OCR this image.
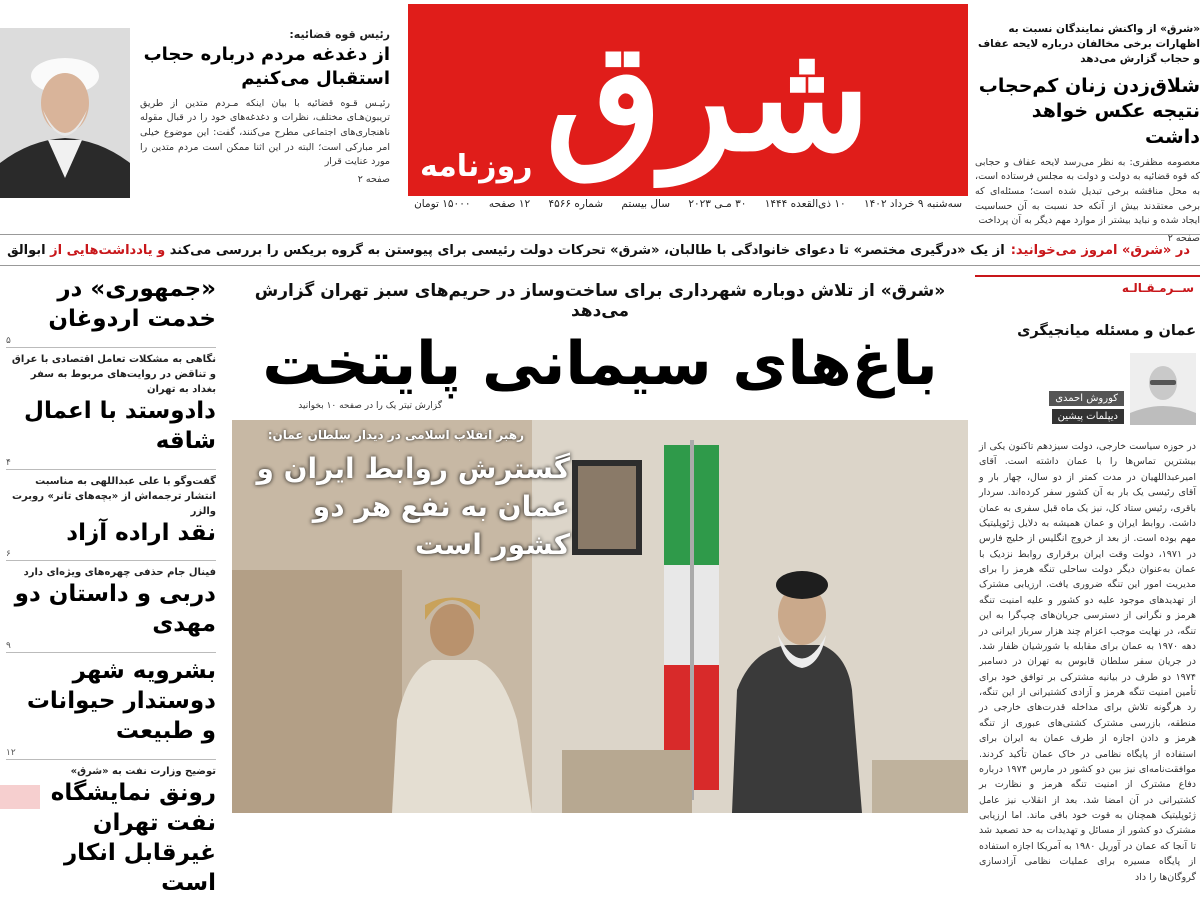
رئیس قوه قضائیه:
از دغدغه مردم درباره حجاب استقبال می‌کنیم
رئیـس قـوه قضائیه با بیان اینکه مـردم متدین از طریق تریبون‌هـای مختلف، نظرات و دغدغه‌های خود را در قبال مقوله ناهنجاری‌های اجتماعی مطرح می‌کنند، گفت: این موضوع خیلی امر مبارکی است؛ البته در این اثنا ممکن‌ است مردم متدین را مورد عنایت قرار
صفحه ۲	شرق
روزنامه
سه‌شنبه ۹ خرداد ۱۴۰۲
۱۰ ذی‌القعده ۱۴۴۴
۳۰ مـی ۲۰۲۳
سال بیستم
شماره ۴۵۶۶
۱۲ صفحه
۱۵۰۰۰ تومان
«شرق» از واکنش نمایندگان نسبت به اظهارات برخی مخالفان درباره لایحه عفاف و حجاب گزارش می‌دهد
شلاق‌زدن زنان کم‌حجاب نتیجه عکس خواهد داشت
معصومه مظفری: به نظر می‌رسد لایحه عفاف و حجابی که قوه قضائیه به دولت و دولت به مجلس فرستاده است، به محل مناقشه برخی تبدیل شده است؛ مسئله‌ای که برخی معتقدند بیش از آنکه حد نسبت به آن حساسیت ایجاد شده و نباید بیشتر از موارد مهم دیگر به آن پرداخت
صفحه ۲
در «شرق» امروز می‌خوانید:
از یک «درگیری مختصر» تا دعوای خانوادگی با طالبان، «شرق» تحرکات دولت رئیسی برای پیوستن به گروه بریکس را بررسی می‌کند

و یادداشت‌هایی از

ابوالق
ســرمـقـالـه
عمان و مسئله میانجیگری
کوروش احمدی
دیپلمات پیشین
در حوزه سیاست خارجی، دولت سیزدهم تاکنون یکی از بیشترین تماس‌ها را با عمان داشته است. آقای امیرعبداللهیان در مدت کمتر از دو سال، چهار بار و آقای رئیسی یک بار به آن کشور سفر کرده‌اند. سردار باقری، رئیس ستاد کل، نیز یک ماه قبل سفری به عمان داشت. روابط ایران و عمان همیشه به دلایل ژئوپلیتیک مهم بوده است. از بعد از خروج انگلیس از خلیج فارس در ۱۹۷۱، دولت وقت ایران برقراری روابط نزدیک با عمان به‌عنوان دیگر دولت ساحلی تنگه هرمز را برای مدیریت امور این تنگه ضروری یافت. ارزیابی مشترک از تهدیدهای موجود علیه دو کشور و علیه امنیت تنگه هرمز و نگرانی از دسترسی جریان‌های چپ‌گرا به این تنگه، در نهایت موجب اعزام چند هزار سرباز ایرانی در دهه ۱۹۷۰ به عمان برای مقابله با شورشیان ظفار شد. در جریان سفر سلطان قابوس به تهران در دسامبر ۱۹۷۴ دو طرف در بیانیه مشترکی بر توافق خود برای تأمین امنیت تنگه هرمز و آزادی کشتیرانی از این تنگه، رد هرگونه تلاش برای مداخله قدرت‌های خارجی در منطقه، بازرسی مشترک کشتی‌های عبوری از تنگه هرمز و دادن اجازه از طرف عمان به ایران برای استفاده از پایگاه نظامی در خاک عمان تأکید کردند. موافقت‌نامه‌ای نیز بین دو کشور در مارس ۱۹۷۴ درباره دفاع مشترک از امنیت تنگه هرمز و نظارت بر کشتیرانی در آن امضا شد. بعد از انقلاب نیز عامل ژئوپلیتیک همچنان به قوت خود باقی ماند. اما ارزیابی مشترک دو کشور از مسائل و تهدیدات به حد تصعید شد تا آنجا که عمان در آوریل ۱۹۸۰ به آمریکا اجازه استفاده از پایگاه مسیره برای عملیات نظامی آزادسازی گروگان‌ها را داد
«شرق» از تلاش دوباره شهرداری برای ساخت‌وساز در حریم‌های سبز تهران گزارش می‌دهد
باغ‌های سیمانی پایتخت
گزارش تیتر یک را در صفحه ۱۰ بخوانید
رهبر انقلاب اسلامی در دیدار سلطان عمان:
گسترش روابط ایران و عمان به نفع هر دو کشور است
«جمهوری» در خدمت اردوغان
۵
نگاهی به مشکلات تعامل اقتصادی با عراق و تناقض در روایت‌های مربوط به سفر بغداد به تهران
دادوستد با اعمال شاقه
۴
گفت‌وگو با علی عبداللهی به مناسبت انتشار ترجمه‌اش از «بچه‌های تانر» روبرت والزر
نقد اراده آزاد
۶
فینال جام حذفی چهره‌های ویژه‌ای دارد
دربی و داستان دو مهدی
۹
بشرویه شهر دوستدار حیوانات و طبیعت
۱۲
توضیح وزارت نفت به «شرق»
رونق نمایشگاه نفت تهران غیرقابل انکار است
